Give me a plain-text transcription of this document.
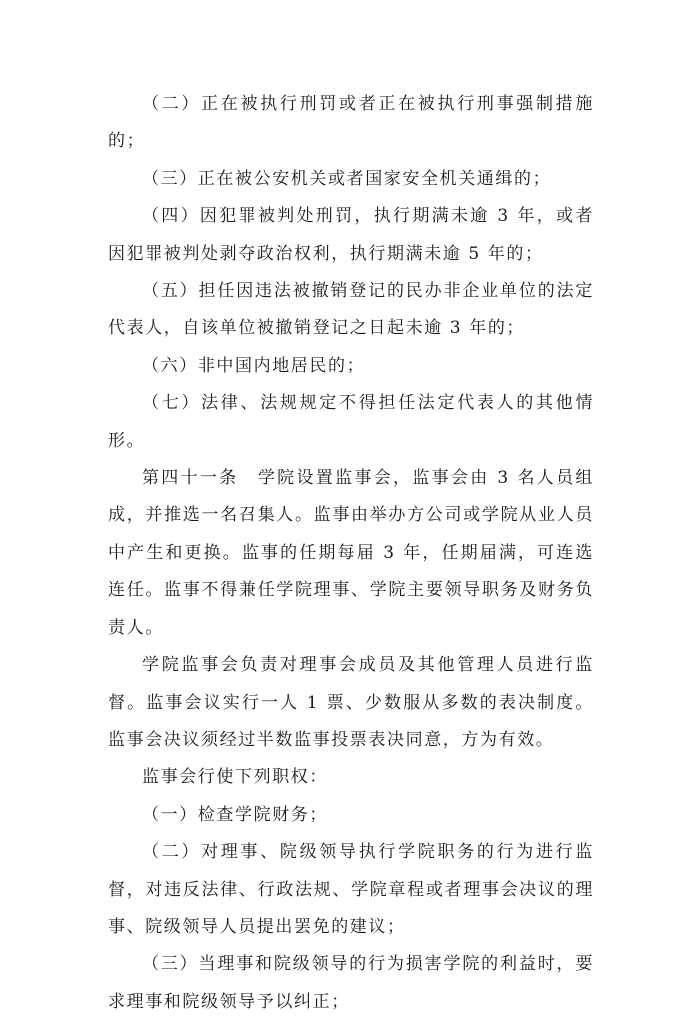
（二）正在被执行刑罚或者正在被执行刑事强制措施的；

（三）正在被公安机关或者国家安全机关通缉的；

（四）因犯罪被判处刑罚，执行期满未逾 3 年，或者因犯罪被判处剥夺政治权利，执行期满未逾 5 年的；

（五）担任因违法被撤销登记的民办非企业单位的法定代表人，自该单位被撤销登记之日起未逾 3 年的；

（六）非中国内地居民的；

（七）法律、法规规定不得担任法定代表人的其他情形。

第四十一条　学院设置监事会，监事会由 3 名人员组成，并推选一名召集人。监事由举办方公司或学院从业人员中产生和更换。监事的任期每届 3 年，任期届满，可连选连任。监事不得兼任学院理事、学院主要领导职务及财务负责人。

学院监事会负责对理事会成员及其他管理人员进行监督。监事会议实行一人 1 票、少数服从多数的表决制度。监事会决议须经过半数监事投票表决同意，方为有效。

监事会行使下列职权：

（一）检查学院财务；

（二）对理事、院级领导执行学院职务的行为进行监督，对违反法律、行政法规、学院章程或者理事会决议的理事、院级领导人员提出罢免的建议；

（三）当理事和院级领导的行为损害学院的利益时，要求理事和院级领导予以纠正；
